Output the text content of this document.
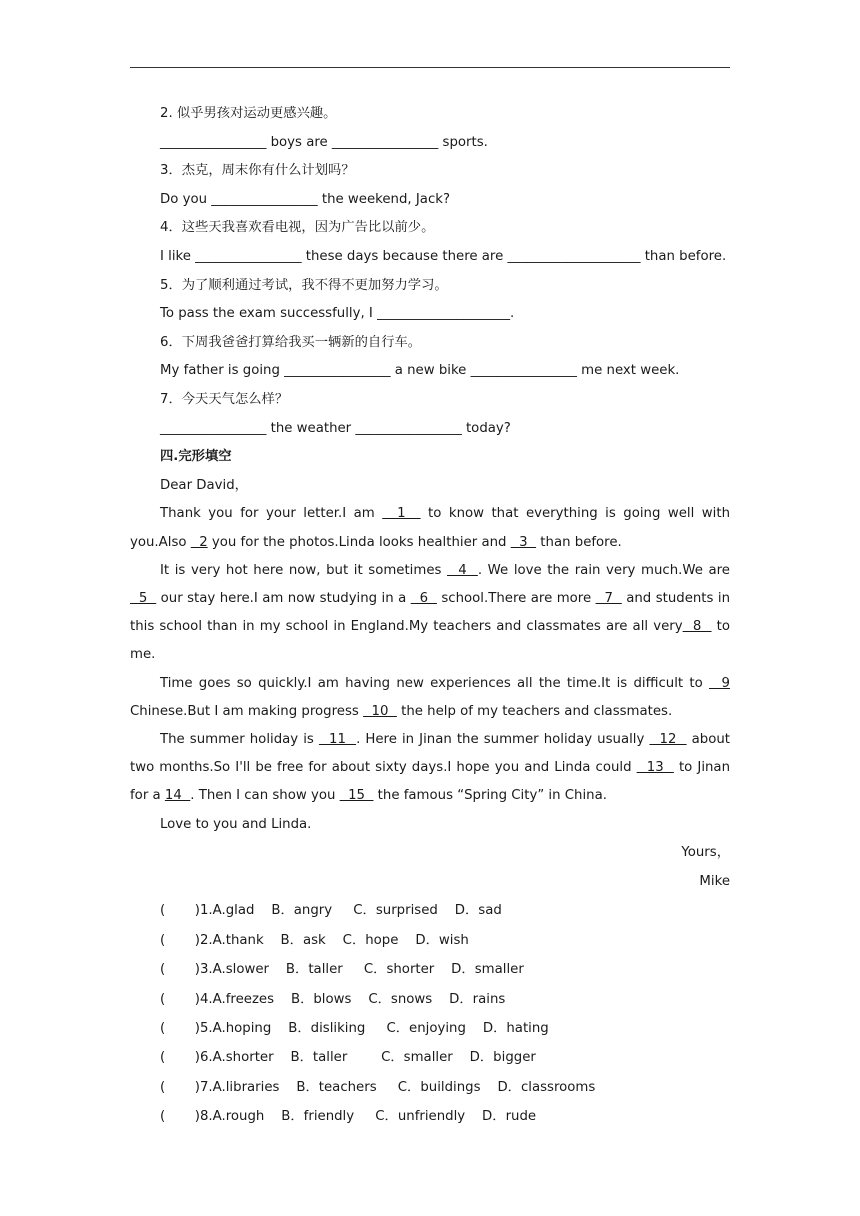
2. 似乎男孩对运动更感兴趣。
________________ boys are ________________ sports.
3．杰克，周末你有什么计划吗？
Do you ________________ the weekend, Jack?
4．这些天我喜欢看电视，因为广告比以前少。
I like ________________ these days because there are ____________________ than before.
5．为了顺利通过考试，我不得不更加努力学习。
To pass the exam successfully, I ____________________.
6．下周我爸爸打算给我买一辆新的自行车。
My father is going ________________ a new bike ________________ me next week.
7．今天天气怎么样？
________________ the weather ________________ today?
四.完形填空
Dear David，
Thank you for your letter.I am   1   to know that everything is going well with you.Also   2 you for the photos.Linda looks healthier and   3   than before.
It is very hot here now, but it sometimes   4  . We love the rain very much.We are   5   our stay here.I am now studying in a   6   school.There are more   7   and students in this school than in my school in England.My teachers and classmates are all very  8   to me.
Time goes so quickly.I am having new experiences all the time.It is difficult to   9 Chinese.But I am making progress   10   the help of my teachers and classmates.
The summer holiday is   11  . Here in Jinan the summer holiday usually   12   about two months.So I'll be free for about sixty days.I hope you and Linda could   13   to Jinan for a 14  . Then I can show you   15   the famous “Spring City” in China.
Love to you and Linda.
Yours，
Mike
(       )1.A.glad    B．angry     C．surprised    D．sad
(       )2.A.thank    B．ask    C．hope    D．wish
(       )3.A.slower    B．taller     C．shorter    D．smaller
(       )4.A.freezes    B．blows    C．snows    D．rains
(       )5.A.hoping    B．disliking     C．enjoying    D．hating
(       )6.A.shorter    B．taller        C．smaller    D．bigger
(       )7.A.libraries    B．teachers     C．buildings    D．classrooms
(       )8.A.rough    B．friendly     C．unfriendly    D．rude
